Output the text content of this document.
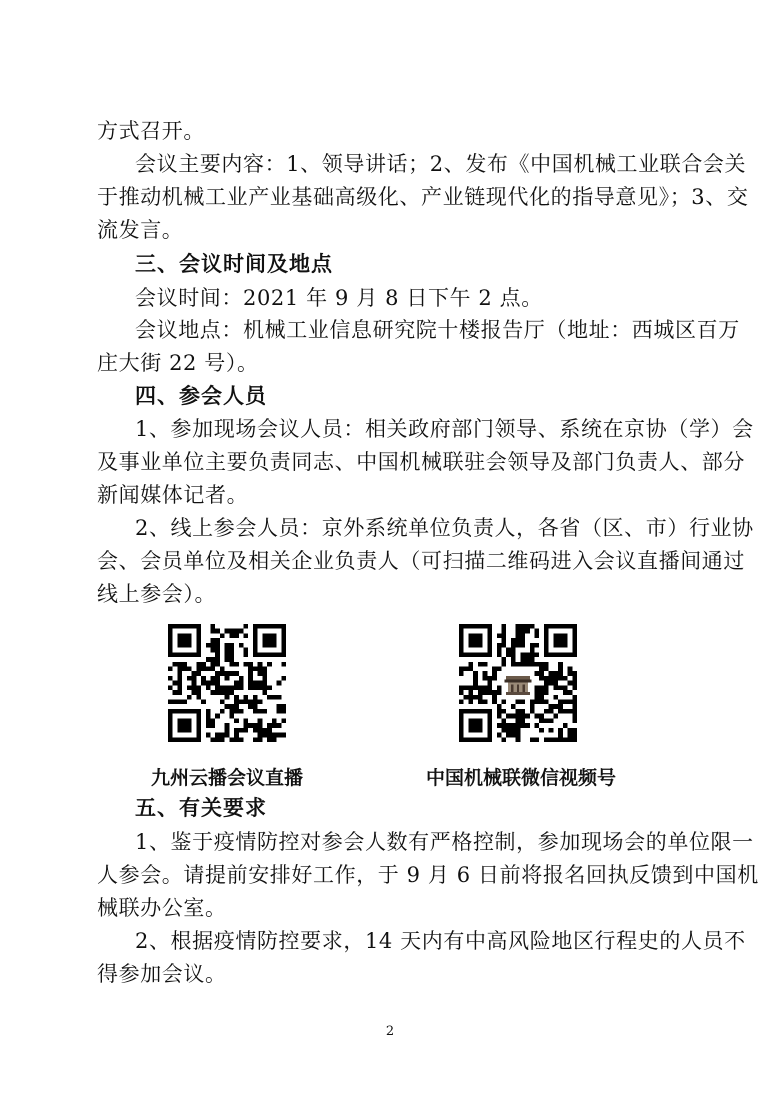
方式召开。
会议主要内容：1、领导讲话；2、发布《中国机械工业联合会关
于推动机械工业产业基础高级化、产业链现代化的指导意见》；3、交
流发言。
三、会议时间及地点
会议时间：2021 年 9 月 8 日下午 2 点。
会议地点：机械工业信息研究院十楼报告厅（地址：西城区百万
庄大街 22 号）。
四、参会人员
1、参加现场会议人员：相关政府部门领导、系统在京协（学）会
及事业单位主要负责同志、中国机械联驻会领导及部门负责人、部分
新闻媒体记者。
2、线上参会人员：京外系统单位负责人，各省（区、市）行业协
会、会员单位及相关企业负责人（可扫描二维码进入会议直播间通过
线上参会）。
九州云播会议直播	中国机械联微信视频号
五、有关要求
1、鉴于疫情防控对参会人数有严格控制，参加现场会的单位限一
人参会。请提前安排好工作，于 9 月 6 日前将报名回执反馈到中国机
械联办公室。
2、根据疫情防控要求，14 天内有中高风险地区行程史的人员不
得参加会议。
2
